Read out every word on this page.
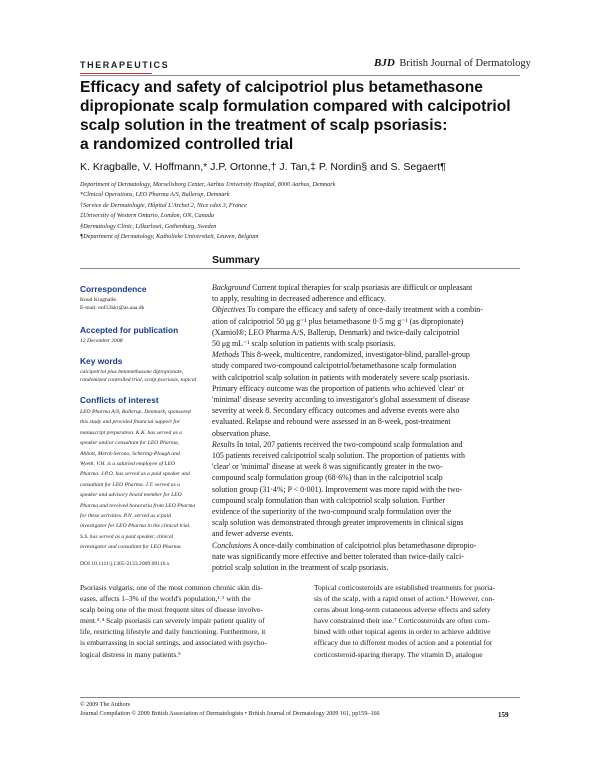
THERAPEUTICS	BJD British Journal of Dermatology
Efficacy and safety of calcipotriol plus betamethasone
dipropionate scalp formulation compared with calcipotriol
scalp solution in the treatment of scalp psoriasis:
a randomized controlled trial
K. Kragballe, V. Hoffmann,* J.P. Ortonne,† J. Tan,‡ P. Nordin§ and S. Segaert¶
Department of Dermatology, Marselisborg Center, Aarhus University Hospital, 8000 Aarhus, Denmark
*Clinical Operations, LEO Pharma A/S, Ballerup, Denmark
†Service de Dermatologie, Hôpital L'Archet 2, Nice cdex 3, France
‡University of Western Ontario, London, ON, Canada
§Dermatology Clinic, Lilkarlsset, Gothenburg, Sweden
¶Department of Dermatology, Katholieke Universiteit, Leuven, Belgium
Summary
Correspondence
Knud Kragballe.
E-mail: onf12kkr@as.aaa.dk
Accepted for publication
12 December 2008
Key words
calcipotriol plus betamethasone dipropionate,
randomized controlled trial, scalp psoriasis, topical
Conflicts of interest
LEO Pharma A/S, Ballerup, Denmark, sponsored
this study and provided financial support for
manuscript preparation. K.K. has served as a
speaker and/or consultant for LEO Pharma,
Abbott, Merck-Serono, Schering-Plough and
Wyeth. V.H. is a salaried employee of LEO
Pharma. J.P.O. has served as a paid speaker and
consultant for LEO Pharma. J.T. served as a
speaker and advisory board member for LEO
Pharma and received honoraria from LEO Pharma
for these activities. P.N. served as a paid
investigator for LEO Pharma in the clinical trial.
S.S. has served as a paid speaker, clinical
investigator and consultant for LEO Pharma.
DOI 10.1111/j.1365-2133.2009.09116.x
Background Current topical therapies for scalp psoriasis are difficult or unpleasant
to apply, resulting in decreased adherence and efficacy.
Objectives To compare the efficacy and safety of once-daily treatment with a combin-
ation of calcipotriol 50 μg g⁻¹ plus betamethasone 0·5 mg g⁻¹ (as dipropionate)
(Xamiol®; LEO Pharma A/S, Ballerup, Denmark) and twice-daily calcipotriol
50 μg mL⁻¹ scalp solution in patients with scalp psoriasis.
Methods This 8-week, multicentre, randomized, investigator-blind, parallel-group
study compared two-compound calcipotriol/betamethasone scalp formulation
with calcipotriol scalp solution in patients with moderately severe scalp psoriasis.
Primary efficacy outcome was the proportion of patients who achieved 'clear' or
'minimal' disease severity according to investigator's global assessment of disease
severity at week 8. Secondary efficacy outcomes and adverse events were also
evaluated. Relapse and rebound were assessed in an 8-week, post-treatment
observation phase.
Results In total, 207 patients received the two-compound scalp formulation and
105 patients received calcipotriol scalp solution. The proportion of patients with
'clear' or 'minimal' disease at week 8 was significantly greater in the two-
compound scalp formulation group (68·6%) than in the calcipotriol scalp
solution group (31·4%; P < 0·001). Improvement was more rapid with the two-
compound scalp formulation than with calcipotriol scalp solution. Further
evidence of the superiority of the two-compound scalp formulation over the
scalp solution was demonstrated through greater improvements in clinical signs
and fewer adverse events.
Conclusions A once-daily combination of calcipotriol plus betamethasone dipropio-
nate was significantly more effective and better tolerated than twice-daily calci-
potriol scalp solution in the treatment of scalp psoriasis.
Psoriasis vulgaris, one of the most common chronic skin dis-
eases, affects 1–3% of the world's population,¹˒² with the
scalp being one of the most frequent sites of disease involve-
ment.³˒⁴ Scalp psoriasis can severely impair patient quality of
life, restricting lifestyle and daily functioning. Furthermore, it
is embarrassing in social settings, and associated with psycho-
logical distress in many patients.⁵
Topical corticosteroids are established treatments for psoria-
sis of the scalp, with a rapid onset of action.⁶ However, con-
cerns about long-term cutaneous adverse effects and safety
have constrained their use.⁷ Corticosteroids are often com-
bined with other topical agents in order to achieve additive
efficacy due to different modes of action and a potential for
corticosteroid-sparing therapy. The vitamin D₃ analogue
© 2009 The Authors
Journal Compilation © 2009 British Association of Dermatologists • British Journal of Dermatology 2009 161, pp159–166	159
